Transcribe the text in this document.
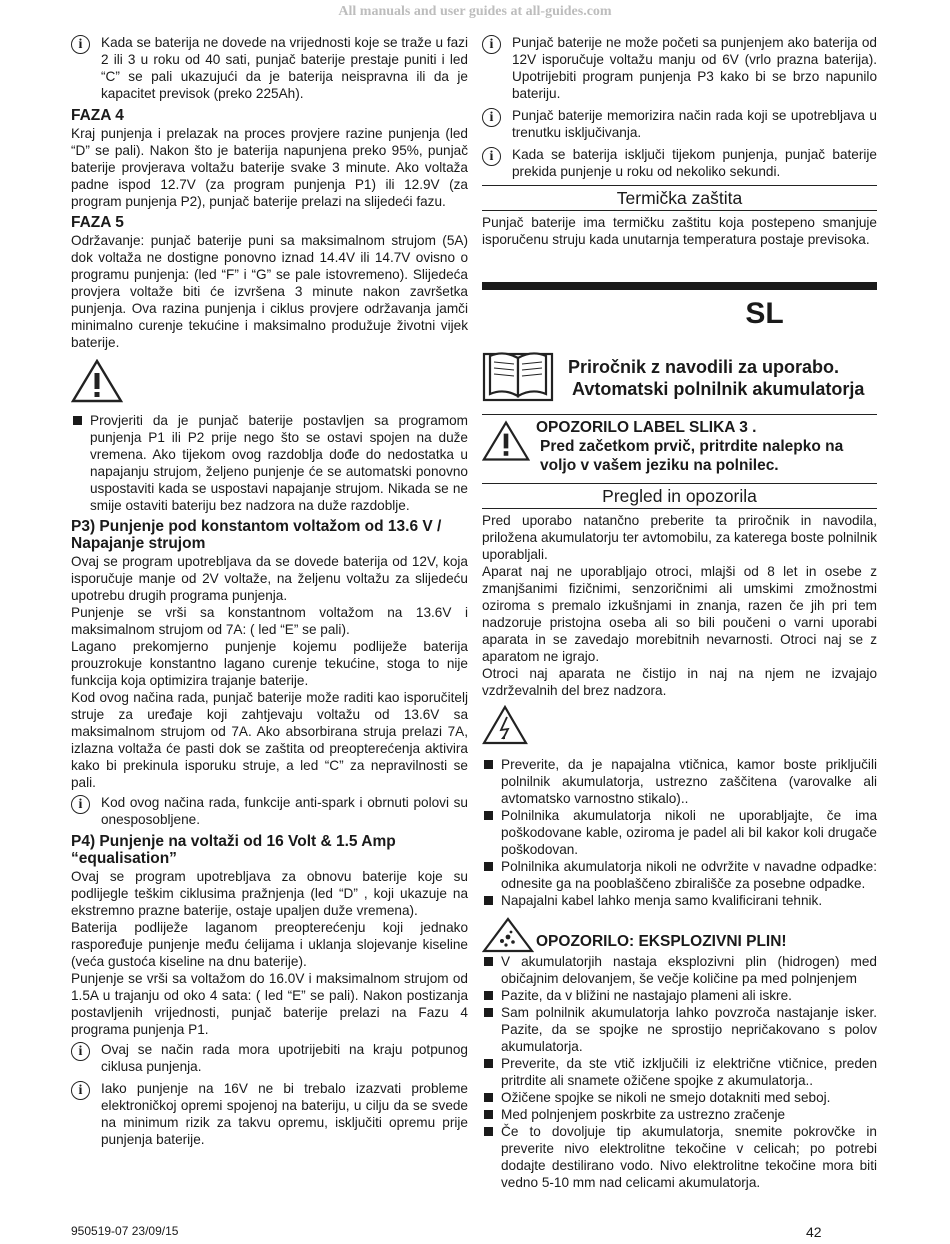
All manuals and user guides at all-guides.com
i	Kada se baterija ne dovede na vrijednosti koje se traže u fazi 2 ili 3 u roku od 40 sati, punjač baterije prestaje puniti i led “C” se pali ukazujući da je baterija neispravna ili da je kapacitet previsok (preko 225Ah).

FAZA 4

Kraj punjenja i prelazak na proces provjere razine punjenja (led “D” se pali). Nakon što je baterija napunjena preko 95%, punjač baterije provjerava voltažu baterije svake 3 minute. Ako voltaža padne ispod 12.7V (za program punjenja P1) ili 12.9V (za program punjenja P2), punjač baterije prelazi na slijedeći fazu.

FAZA 5

Održavanje: punjač baterije puni sa maksimalnom strujom (5A) dok voltaža ne dostigne ponovno iznad 14.4V ili 14.7V ovisno o programu punjenja: (led “F” i “G” se pale istovremeno). Slijedeća provjera voltaže biti će izvršena 3 minute nakon završetka punjenja. Ova razina punjenja i ciklus provjere održavanja jamči minimalno curenje tekućine i maksimalno produžuje životni vijek baterije.

Provjeriti da je punjač baterije postavljen sa programom punjenja P1 ili P2 prije nego što se ostavi spojen na duže vremena. Ako tijekom ovog razdoblja dođe do nedostatka u napajanju strujom, željeno punjenje će se automatski ponovno uspostaviti kada se uspostavi napajanje strujom. Nikada se ne smije ostaviti bateriju bez nadzora na duže razdoblje.

P3) Punjenje pod konstantom voltažom od 13.6 V / Napajanje strujom

Ovaj se program upotrebljava da se dovede baterija od 12V, koja isporučuje manje od 2V voltaže, na željenu voltažu za slijedeću upotrebu drugih programa punjenja.

Punjenje se vrši sa konstantnom voltažom na 13.6V i maksimalnom strujom od 7A: ( led “E” se pali).

Lagano prekomjerno punjenje kojemu podliježe baterija prouzrokuje konstantno lagano curenje tekućine, stoga to nije funkcija koja optimizira trajanje baterije.

Kod ovog načina rada, punjač baterije može raditi kao isporučitelj struje za uređaje koji zahtjevaju voltažu od 13.6V sa maksimalnom strujom od 7A. Ako absorbirana struja prelazi 7A, izlazna voltaža će pasti dok se zaštita od preopterećenja aktivira kako bi prekinula isporuku struje, a led “C” za nepravilnosti se pali.

i	Kod ovog načina rada, funkcije anti-spark i obrnuti polovi su onesposobljene.

P4) Punjenje na voltaži od 16 Volt & 1.5 Amp “equalisation”

Ovaj se program upotrebljava za obnovu baterije koje su podlijegle teškim ciklusima pražnjenja (led “D” , koji ukazuje na ekstremno prazne baterije, ostaje upaljen duže vremena).

Baterija podliježe laganom preopterećenju koji jednako raspoređuje punjenje među ćelijama i uklanja slojevanje kiseline (veća gustoća kiseline na dnu baterije).

Punjenje se vrši sa voltažom do 16.0V i maksimalnom strujom od 1.5A u trajanju od oko 4 sata: ( led “E” se pali). Nakon postizanja postavljenih vrijednosti, punjač baterije prelazi na Fazu 4 programa punjenja P1.

i	Ovaj se način rada mora upotrijebiti na kraju potpunog ciklusa punjenja.

i	Iako punjenje na 16V ne bi trebalo izazvati probleme elektroničkoj opremi spojenoj na bateriju, u cilju da se svede na minimum rizik za takvu opremu, isključiti opremu prije punjenja baterije.

i	Punjač baterije ne može početi sa punjenjem ako baterija od 12V isporučuje voltažu manju od 6V (vrlo prazna baterija). Upotrijebiti program punjenja P3 kako bi se brzo napunilo bateriju.

i	Punjač baterije memorizira način rada koji se upotrebljava u trenutku isključivanja.

i	Kada se baterija isključi tijekom punjenja, punjač baterije prekida punjenje u roku od nekoliko sekundi.

Termička zaštita

Punjač baterije ima termičku zaštitu koja postepeno smanjuje isporučenu struju kada unutarnja temperatura postaje previsoka.

SL
Priročnik z navodili za uporabo.
Avtomatski polnilnik akumulatorja
OPOZORILO LABEL SLIKA 3 .
Pred začetkom prvič, pritrdite nalepko na voljo v vašem jeziku na polnilec.
Pregled in opozorila

Pred uporabo natančno preberite ta priročnik in navodila, priložena akumulatorju ter avtomobilu, za katerega boste polnilnik uporabljali.

Aparat naj ne uporabljajo otroci, mlajši od 8 let in osebe z zmanjšanimi fizičnimi, senzoričnimi ali umskimi zmožnostmi oziroma s premalo izkušnjami in znanja, razen če jih pri tem nadzoruje pristojna oseba ali so bili poučeni o varni uporabi aparata in se zavedajo morebitnih nevarnosti. Otroci naj se z aparatom ne igrajo.

Otroci naj aparata ne čistijo in naj na njem ne izvajajo vzdrževalnih del brez nadzora.

Preverite, da je napajalna vtičnica, kamor boste priključili polnilnik akumulatorja, ustrezno zaščitena (varovalke ali avtomatsko varnostno stikalo)..

Polnilnika akumulatorja nikoli ne uporabljajte, če ima poškodovane kable, oziroma je padel ali bil kakor koli drugače poškodovan.

Polnilnika akumulatorja nikoli ne odvržite v navadne odpadke: odnesite ga na pooblaščeno zbirališče za posebne odpadke.

Napajalni kabel lahko menja samo kvalificirani tehnik.

OPOZORILO: EKSPLOZIVNI PLIN!

V akumulatorjih nastaja eksplozivni plin (hidrogen) med običajnim delovanjem, še večje količine pa med polnjenjem

Pazite, da v bližini ne nastajajo plameni ali iskre.

Sam polnilnik akumulatorja lahko povzroča nastajanje isker. Pazite, da se spojke ne sprostijo nepričakovano s polov akumulatorja.

Preverite, da ste vtič izključili iz električne vtičnice, preden pritrdite ali snamete ožičene spojke z akumulatorja..

Ožičene spojke se nikoli ne smejo dotakniti med seboj.

Med polnjenjem poskrbite za ustrezno zračenje

Če to dovoljuje tip akumulatorja, snemite pokrovčke in preverite nivo elektrolitne tekočine v celicah; po potrebi dodajte destilirano vodo. Nivo elektrolitne tekočine mora biti vedno 5-10 mm nad celicami akumulatorja.

950519-07 23/09/15	42
